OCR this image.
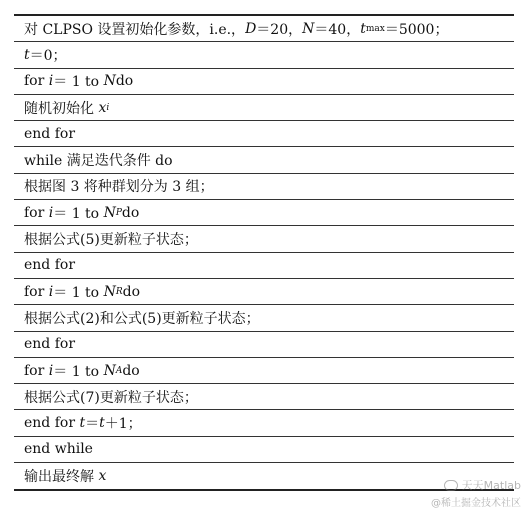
对 CLPSO 设置初始化参数，i.e.， D ＝20， N ＝40， t max ＝5000；
t ＝0；
for
i ＝ 1 to
N do
随机初始化
x i
end for
while 满足迭代条件 do
根据图 3 将种群划分为 3 组；
for
i ＝ 1 to
N P do
根据公式(5)更新粒子状态；
end for
for
i ＝ 1 to
N R do
根据公式(2)和公式(5)更新粒子状态；
end for
for
i ＝ 1 to
N A do
根据公式(7)更新粒子状态；
end for
t ＝ t ＋1；
end while
输出最终解
x
天天Matlab
@稀土掘金技术社区
